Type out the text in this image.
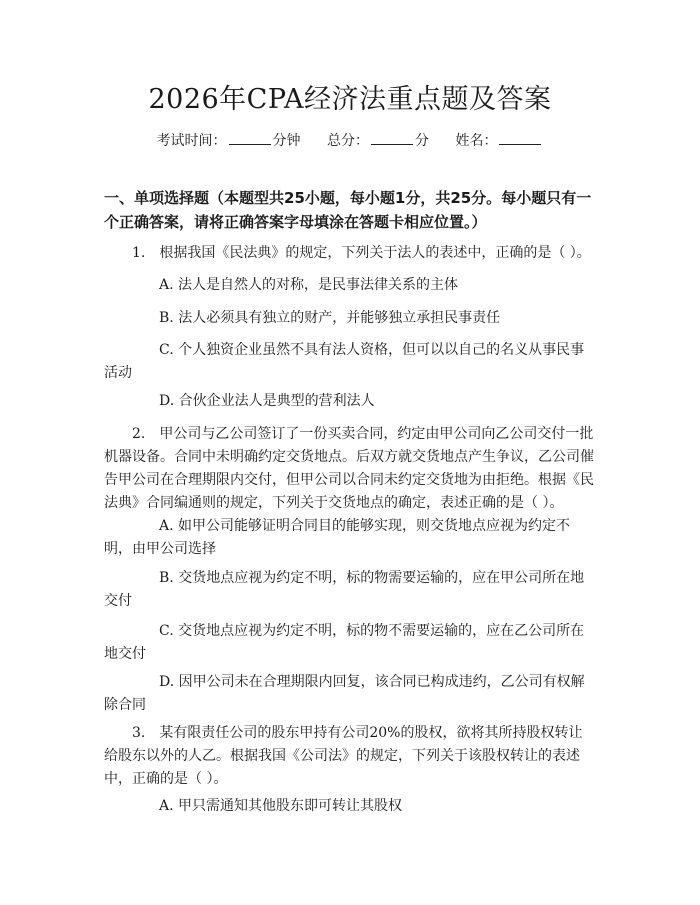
2026年CPA经济法重点题及答案
考试时间：	分钟 总分：	分 姓名：
一、单项选择题（本题型共25小题，每小题1分，共25分。每小题只有一个正确答案，请将正确答案字母填涂在答题卡相应位置。）
1.　根据我国《民法典》的规定，下列关于法人的表述中，正确的是（ ）。
A. 法人是自然人的对称，是民事法律关系的主体
B. 法人必须具有独立的财产，并能够独立承担民事责任
C. 个人独资企业虽然不具有法人资格，但可以以自己的名义从事民事活动
D. 合伙企业法人是典型的营利法人
2.　甲公司与乙公司签订了一份买卖合同，约定由甲公司向乙公司交付一批机器设备。合同中未明确约定交货地点。后双方就交货地点产生争议，乙公司催告甲公司在合理期限内交付，但甲公司以合同未约定交货地为由拒绝。根据《民法典》合同编通则的规定，下列关于交货地点的确定，表述正确的是（ ）。
A. 如甲公司能够证明合同目的能够实现，则交货地点应视为约定不明，由甲公司选择
B. 交货地点应视为约定不明，标的物需要运输的，应在甲公司所在地交付
C. 交货地点应视为约定不明，标的物不需要运输的，应在乙公司所在地交付
D. 因甲公司未在合理期限内回复，该合同已构成违约，乙公司有权解除合同
3.　某有限责任公司的股东甲持有公司20%的股权，欲将其所持股权转让给股东以外的人乙。根据我国《公司法》的规定，下列关于该股权转让的表述中，正确的是（ ）。
A. 甲只需通知其他股东即可转让其股权
